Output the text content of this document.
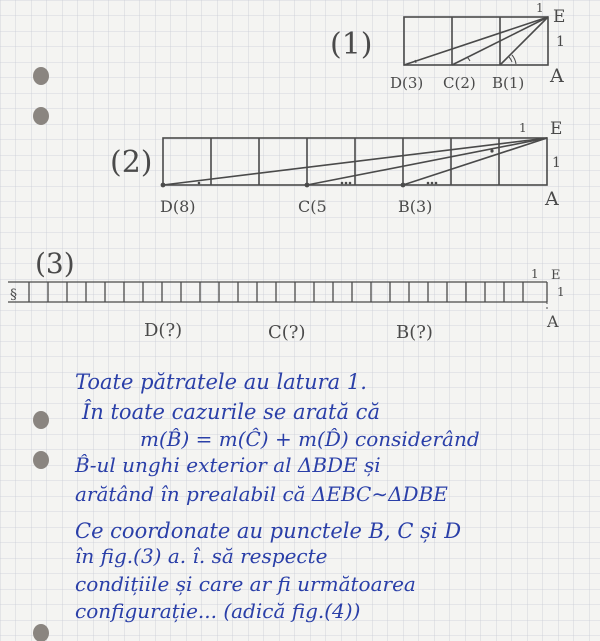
(1)
E
1
1
A
D(3) C(2) B(1)
(2)
E
1
1
A
D(8)	C(5	B(3)
(3)
§
E
1
1
A
D(?)	C(?)	B(?)
Toate pătratele au latura 1.
În toate cazurile se arată că
m(B̂) = m(Ĉ) + m(D̂) considerând
B̂-ul unghi exterior al ΔBDE și
arătând în prealabil că ΔEBC∼ΔDBE
Ce coordonate au punctele B, C și D
în fig.(3) a. î. să respecte
condițiile și care ar fi următoarea
configurație... (adică fig.(4))
